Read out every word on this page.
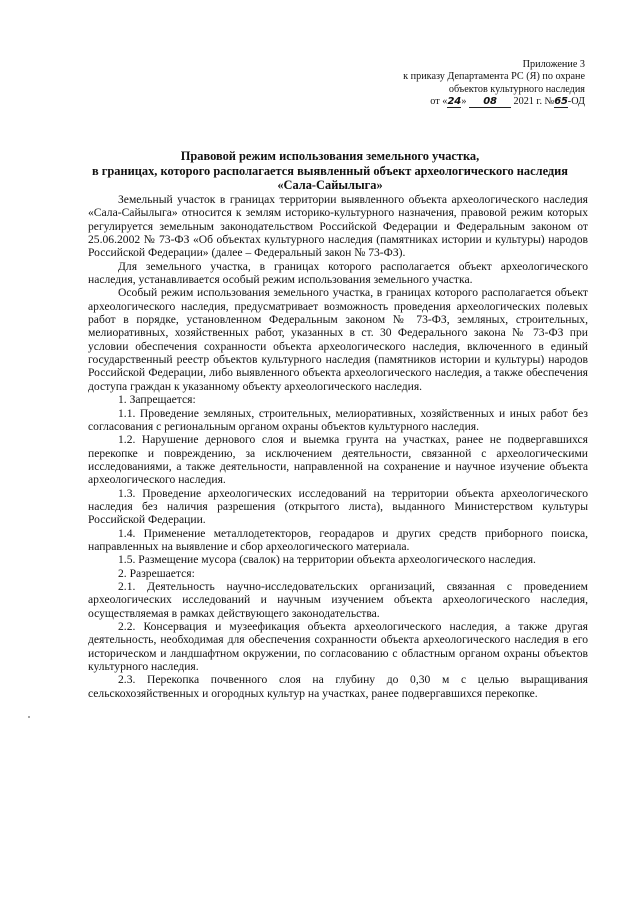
Приложение 3
к приказу Департамента РС (Я) по охране
объектов культурного наследия
от «24» 08 2021 г. №65-ОД
Правовой режим использования земельного участка,
в границах, которого располагается выявленный объект археологического наследия
«Сала-Сайылыга»

Земельный участок в границах территории выявленного объекта археологического наследия «Сала-Сайылыга» относится к землям историко-культурного назначения, правовой режим которых регулируется земельным законодательством Российской Федерации и Федеральным законом от 25.06.2002 № 73-ФЗ «Об объектах культурного наследия (памятниках истории и культуры) народов Российской Федерации» (далее – Федеральный закон № 73-ФЗ).

Для земельного участка, в границах которого располагается объект археологического наследия, устанавливается особый режим использования земельного участка.

Особый режим использования земельного участка, в границах которого располагается объект археологического наследия, предусматривает возможность проведения археологических полевых работ в порядке, установленном Федеральным законом № 73-ФЗ, земляных, строительных, мелиоративных, хозяйственных работ, указанных в ст. 30 Федерального закона № 73-ФЗ при условии обеспечения сохранности объекта археологического наследия, включенного в единый государственный реестр объектов культурного наследия (памятников истории и культуры) народов Российской Федерации, либо выявленного объекта археологического наследия, а также обеспечения доступа граждан к указанному объекту археологического наследия.

1. Запрещается:

1.1. Проведение земляных, строительных, мелиоративных, хозяйственных и иных работ без согласования с региональным органом охраны объектов культурного наследия.

1.2. Нарушение дернового слоя и выемка грунта на участках, ранее не подвергавшихся перекопке и повреждению, за исключением деятельности, связанной с археологическими исследованиями, а также деятельности, направленной на сохранение и научное изучение объекта археологического наследия.

1.3. Проведение археологических исследований на территории объекта археологического наследия без наличия разрешения (открытого листа), выданного Министерством культуры Российской Федерации.

1.4. Применение металлодетекторов, георадаров и других средств приборного поиска, направленных на выявление и сбор археологического материала.

1.5. Размещение мусора (свалок) на территории объекта археологического наследия.

2. Разрешается:

2.1. Деятельность научно-исследовательских организаций, связанная с проведением археологических исследований и научным изучением объекта археологического наследия, осуществляемая в рамках действующего законодательства.

2.2. Консервация и музеефикация объекта археологического наследия, а также другая деятельность, необходимая для обеспечения сохранности объекта археологического наследия в его историческом и ландшафтном окружении, по согласованию с областным органом охраны объектов культурного наследия.

2.3. Перекопка почвенного слоя на глубину до 0,30 м с целью выращивания сельскохозяйственных и огородных культур на участках, ранее подвергавшихся перекопке.
